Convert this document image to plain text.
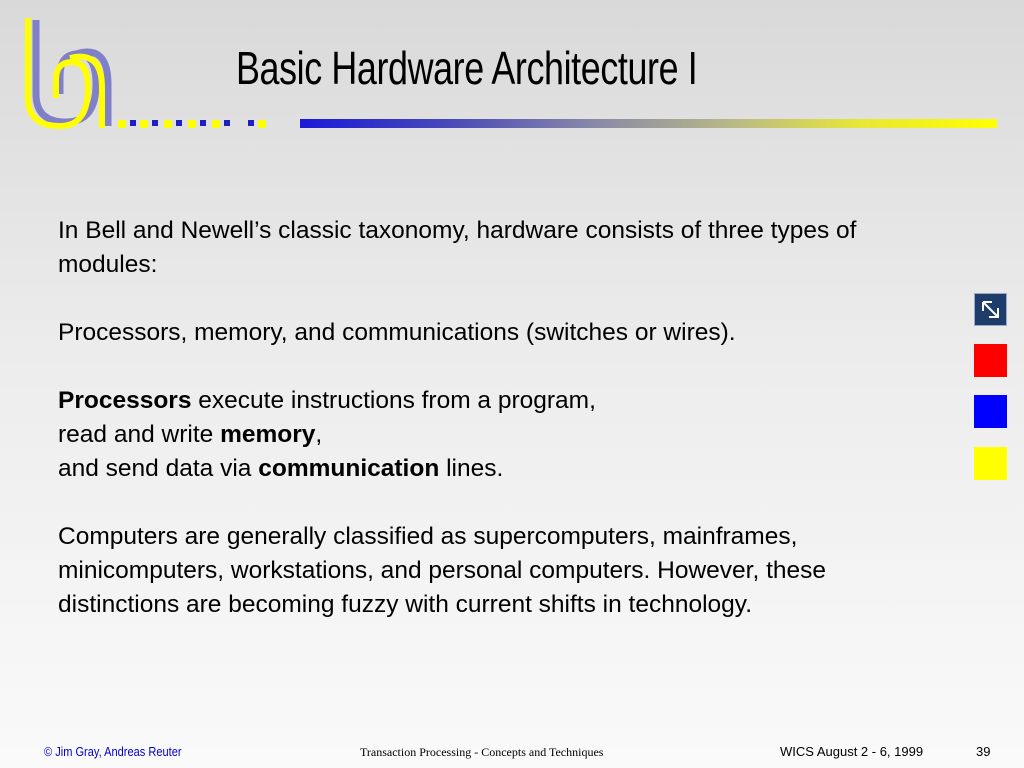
Basic Hardware Architecture I

In Bell and Newell’s classic taxonomy, hardware consists of three types of modules:

Processors, memory, and communications (switches or wires).

Processors execute instructions from a program,

read and write memory,

and send data via communication lines.

Computers are generally classified as supercomputers, mainframes, minicomputers, workstations, and personal computers. However, these distinctions are becoming fuzzy with current shifts in technology.

© Jim Gray, Andreas Reuter	Transaction Processing - Concepts and Techniques	WICS August 2 - 6, 1999	39
